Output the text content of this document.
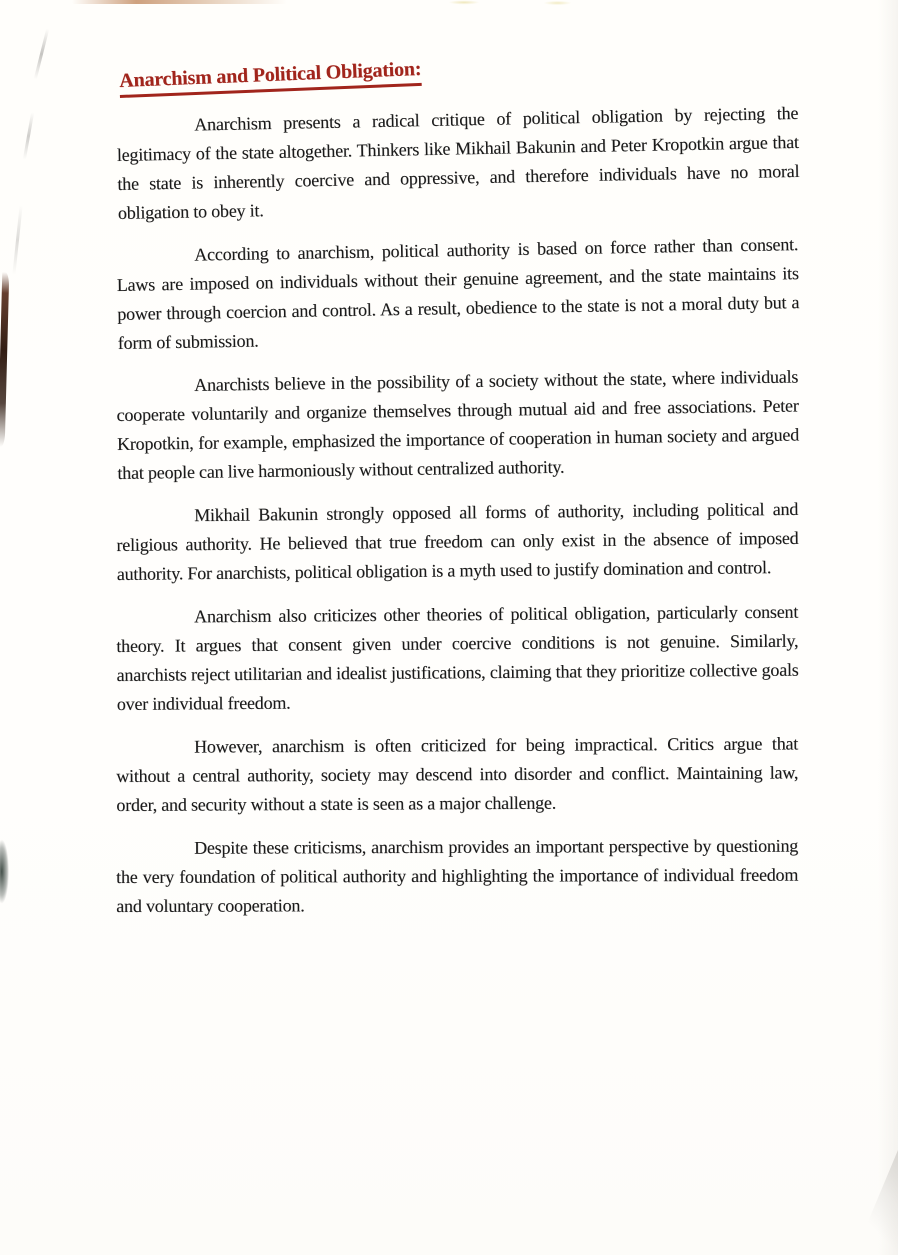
Anarchism and Political Obligation:

Anarchism presents a radical critique of political obligation by rejecting the legitimacy of the state altogether. Thinkers like Mikhail Bakunin and Peter Kropotkin argue that the state is inherently coercive and oppressive, and therefore individuals have no moral obligation to obey it.

According to anarchism, political authority is based on force rather than consent. Laws are imposed on individuals without their genuine agreement, and the state maintains its power through coercion and control. As a result, obedience to the state is not a moral duty but a form of submission.

Anarchists believe in the possibility of a society without the state, where individuals cooperate voluntarily and organize themselves through mutual aid and free associations. Peter Kropotkin, for example, emphasized the importance of cooperation in human society and argued that people can live harmoniously without centralized authority.

Mikhail Bakunin strongly opposed all forms of authority, including political and religious authority. He believed that true freedom can only exist in the absence of imposed authority. For anarchists, political obligation is a myth used to justify domination and control.

Anarchism also criticizes other theories of political obligation, particularly consent theory. It argues that consent given under coercive conditions is not genuine. Similarly, anarchists reject utilitarian and idealist justifications, claiming that they prioritize collective goals over individual freedom.

However, anarchism is often criticized for being impractical. Critics argue that without a central authority, society may descend into disorder and conflict. Maintaining law, order, and security without a state is seen as a major challenge.

Despite these criticisms, anarchism provides an important perspective by questioning the very foundation of political authority and highlighting the importance of individual freedom and voluntary cooperation.
